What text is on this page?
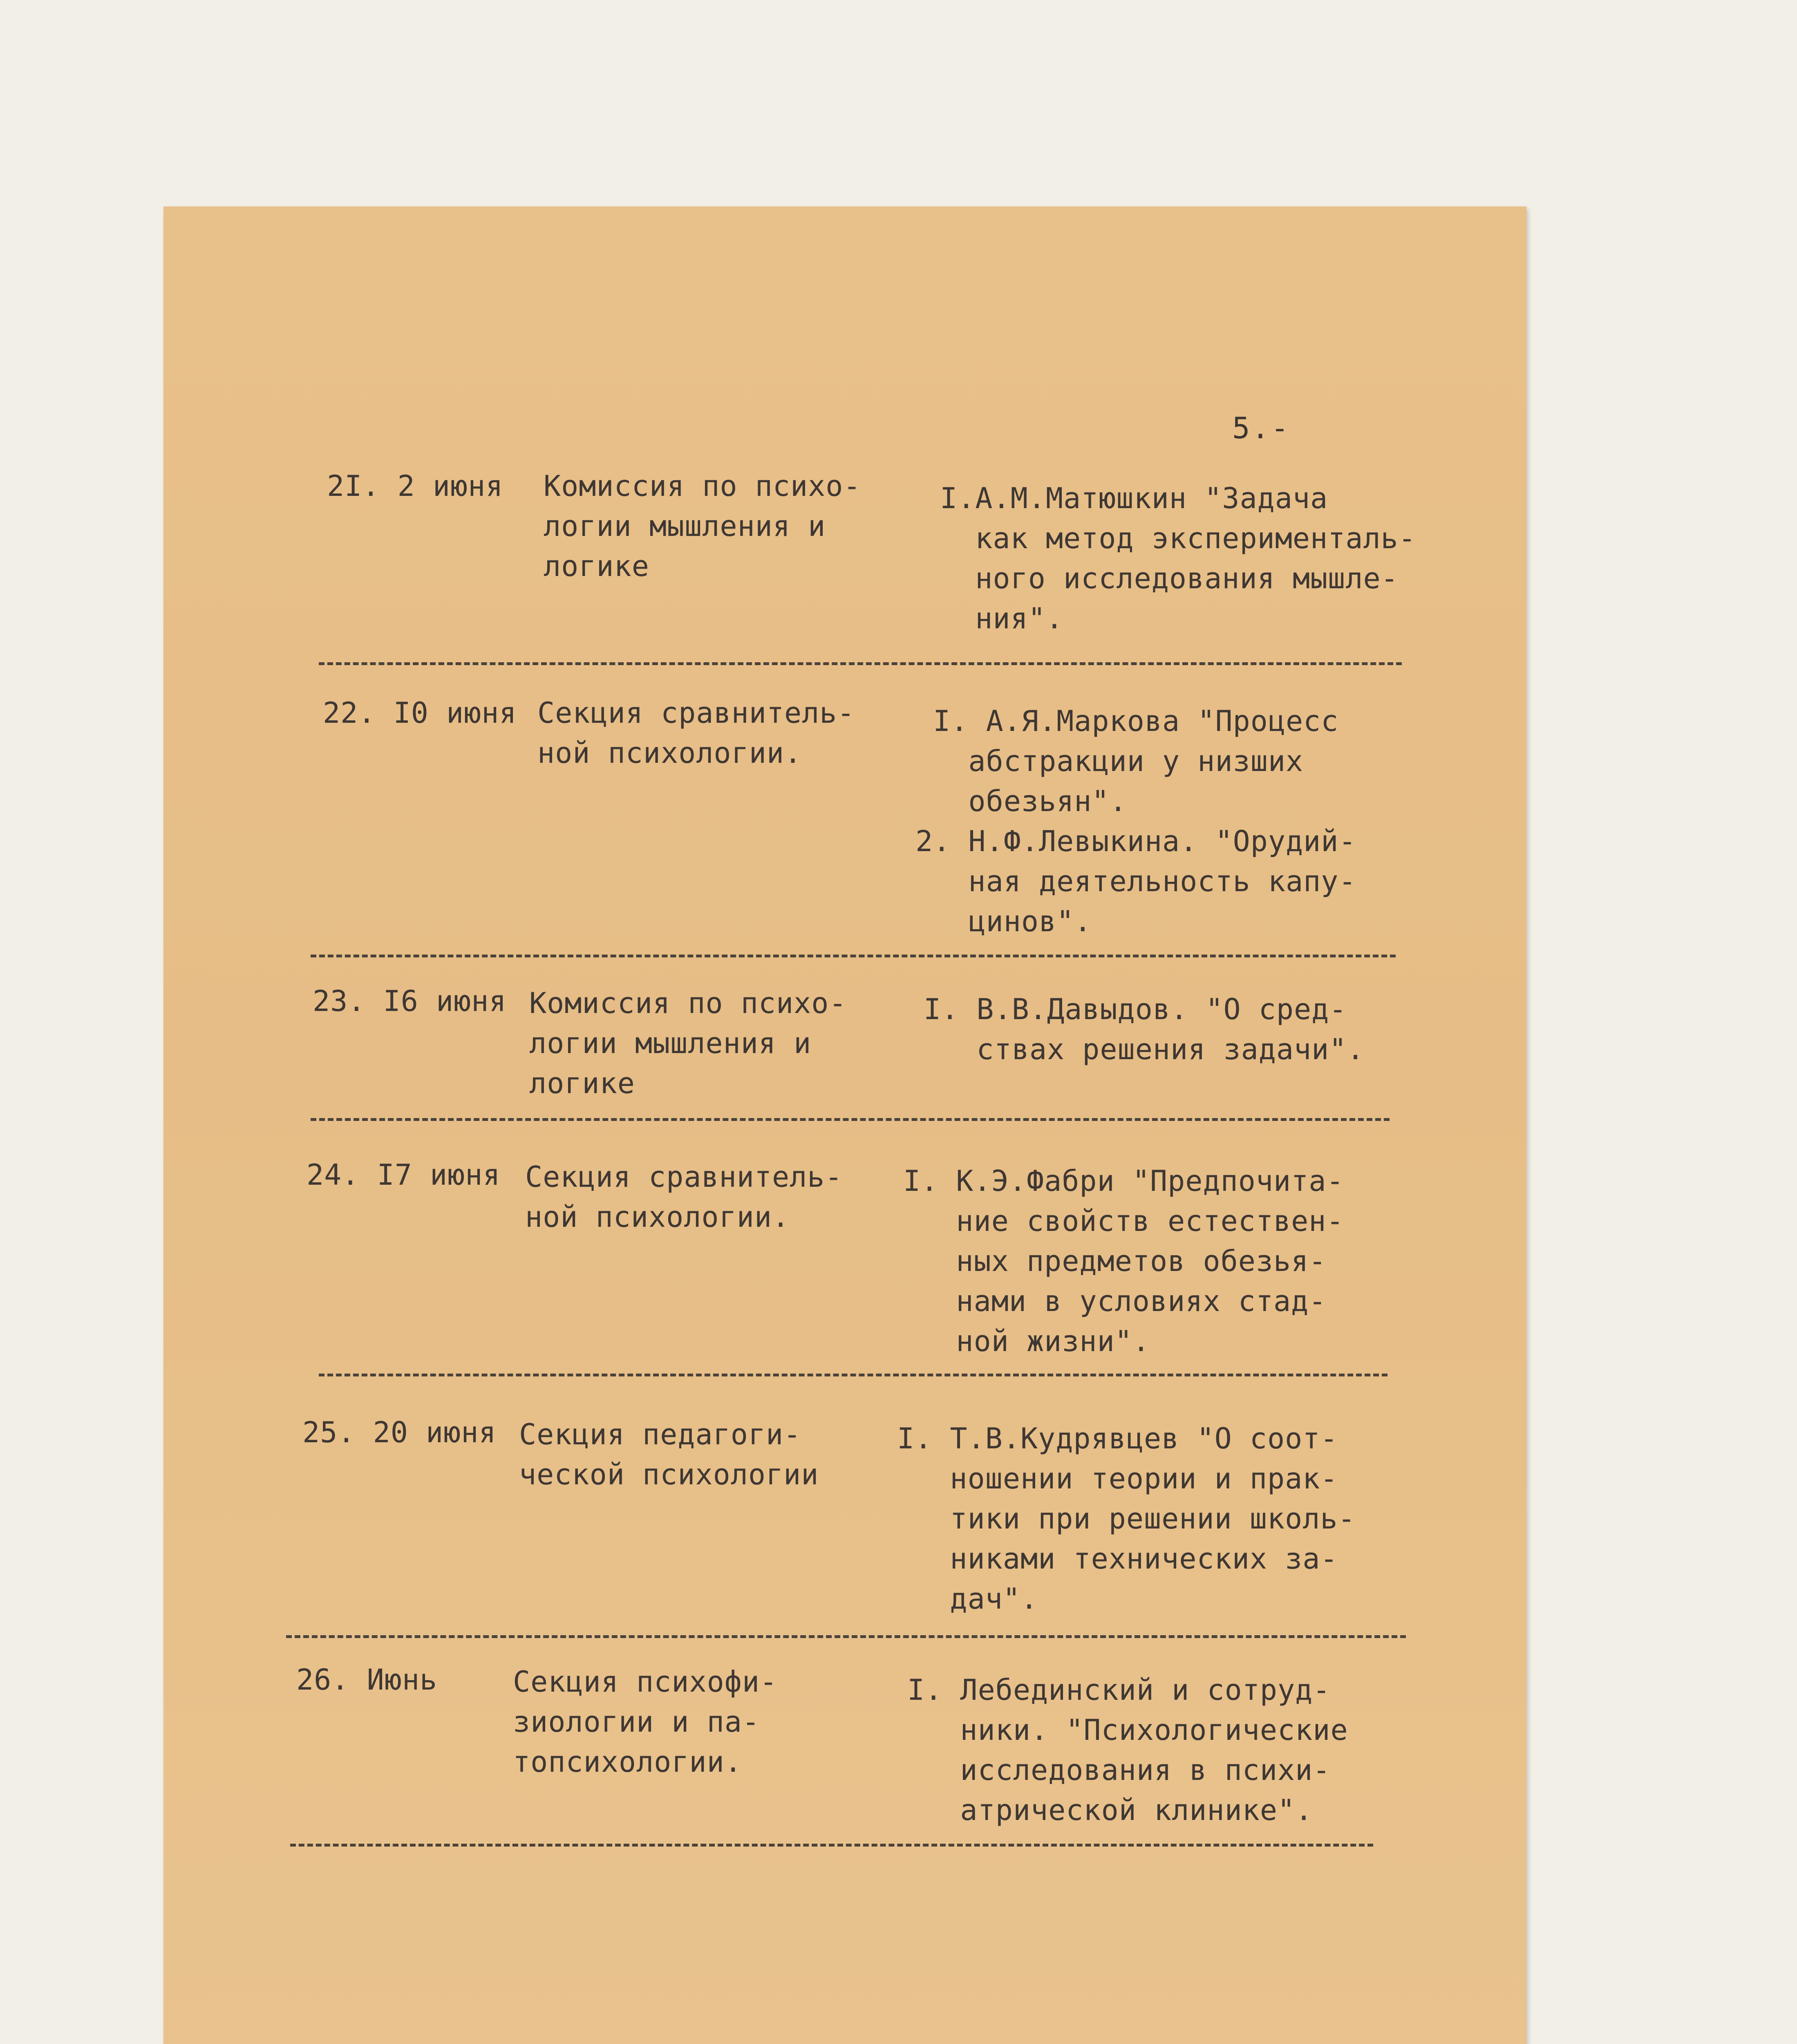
5.-
2I. 2 июня Комиссия по психо-
логии мышления и
логике
I.А.М.Матюшкин "Задача
как метод эксперименталь-
ного исследования мышле-
ния".
22. I0 июня Секция сравнитель-
ной психологии.
I. А.Я.Маркова "Процесс
абстракции у низших
обезьян".
2. Н.Ф.Левыкина. "Орудий-
ная деятельность капу-
цинов".
23. I6 июня Комиссия по психо-
логии мышления и
логике
I. В.В.Давыдов. "О сред-
ствах решения задачи".
24. I7 июня Секция сравнитель-
ной психологии.
I. К.Э.Фабри "Предпочита-
ние свойств естествен-
ных предметов обезья-
нами в условиях стад-
ной жизни".
25. 20 июня Секция педагоги-
ческой психологии
I. Т.В.Кудрявцев "О соот-
ношении теории и прак-
тики при решении школь-
никами технических за-
дач".
26. Июнь	Секция психофи-
зиологии и па-
топсихологии.
I. Лебединский и сотруд-
ники. "Психологические
исследования в психи-
атрической клинике".
